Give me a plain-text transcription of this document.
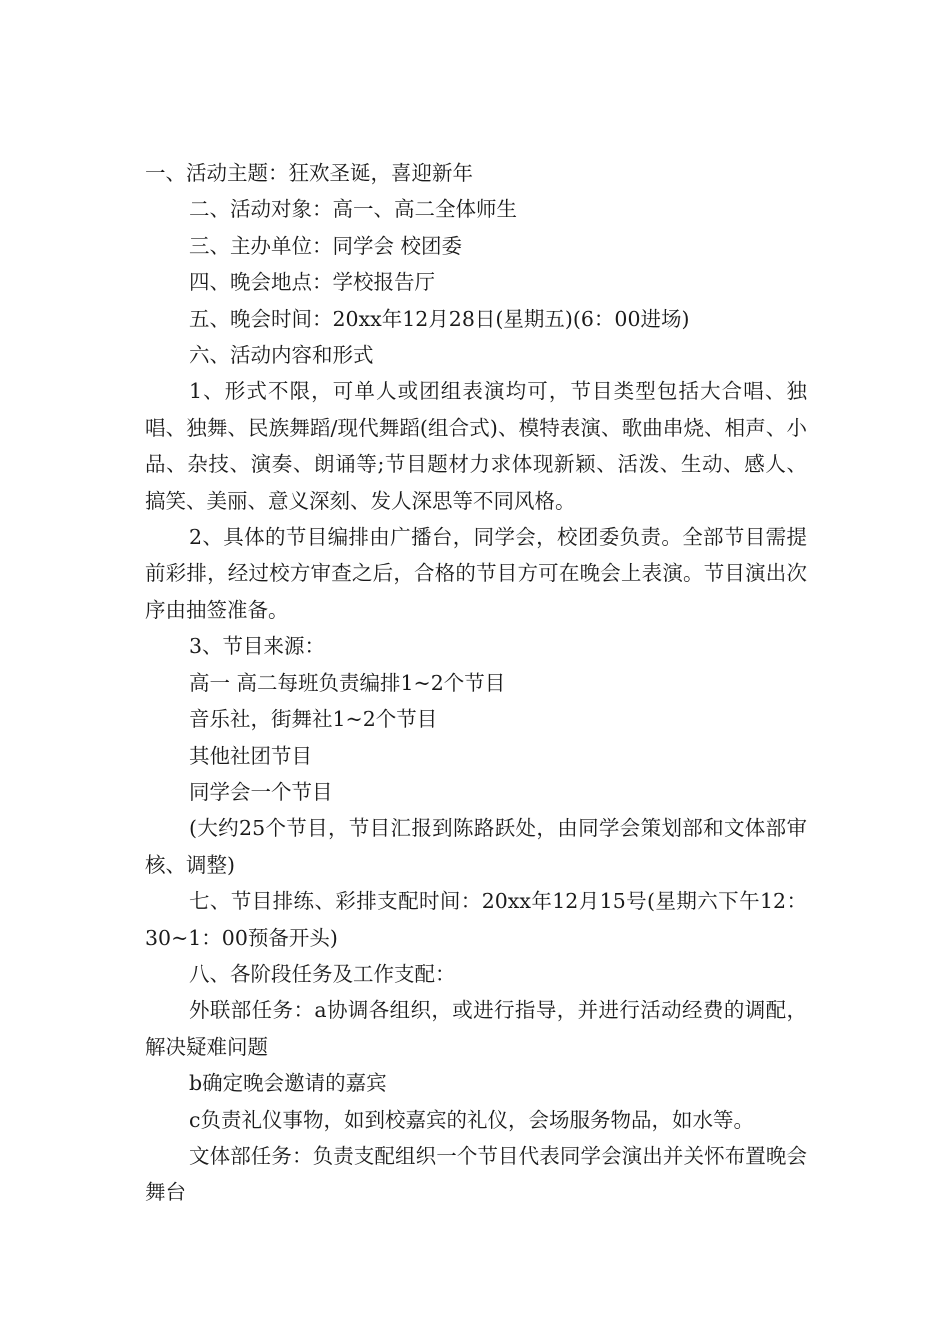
一、活动主题：狂欢圣诞，喜迎新年

二、活动对象：高一、高二全体师生

三、主办单位：同学会 校团委

四、晚会地点：学校报告厅

五、晚会时间：20xx年12月28日(星期五)(6：00进场)

六、活动内容和形式

1、形式不限，可单人或团组表演均可，节目类型包括大合唱、独唱、独舞、民族舞蹈/现代舞蹈(组合式)、模特表演、歌曲串烧、相声、小品、杂技、演奏、朗诵等;节目题材力求体现新颖、活泼、生动、感人、搞笑、美丽、意义深刻、发人深思等不同风格。

2、具体的节目编排由广播台，同学会，校团委负责。全部节目需提前彩排，经过校方审查之后，合格的节目方可在晚会上表演。节目演出次序由抽签准备。

3、节目来源：

高一 高二每班负责编排1~2个节目

音乐社，街舞社1~2个节目

其他社团节目

同学会一个节目

(大约25个节目，节目汇报到陈路跃处，由同学会策划部和文体部审核、调整)

七、节目排练、彩排支配时间：20xx年12月15号(星期六下午12：30~1：00预备开头)

八、各阶段任务及工作支配：

外联部任务：a协调各组织，或进行指导，并进行活动经费的调配，解决疑难问题

b确定晚会邀请的嘉宾

c负责礼仪事物，如到校嘉宾的礼仪，会场服务物品，如水等。

文体部任务：负责支配组织一个节目代表同学会演出并关怀布置晚会舞台
